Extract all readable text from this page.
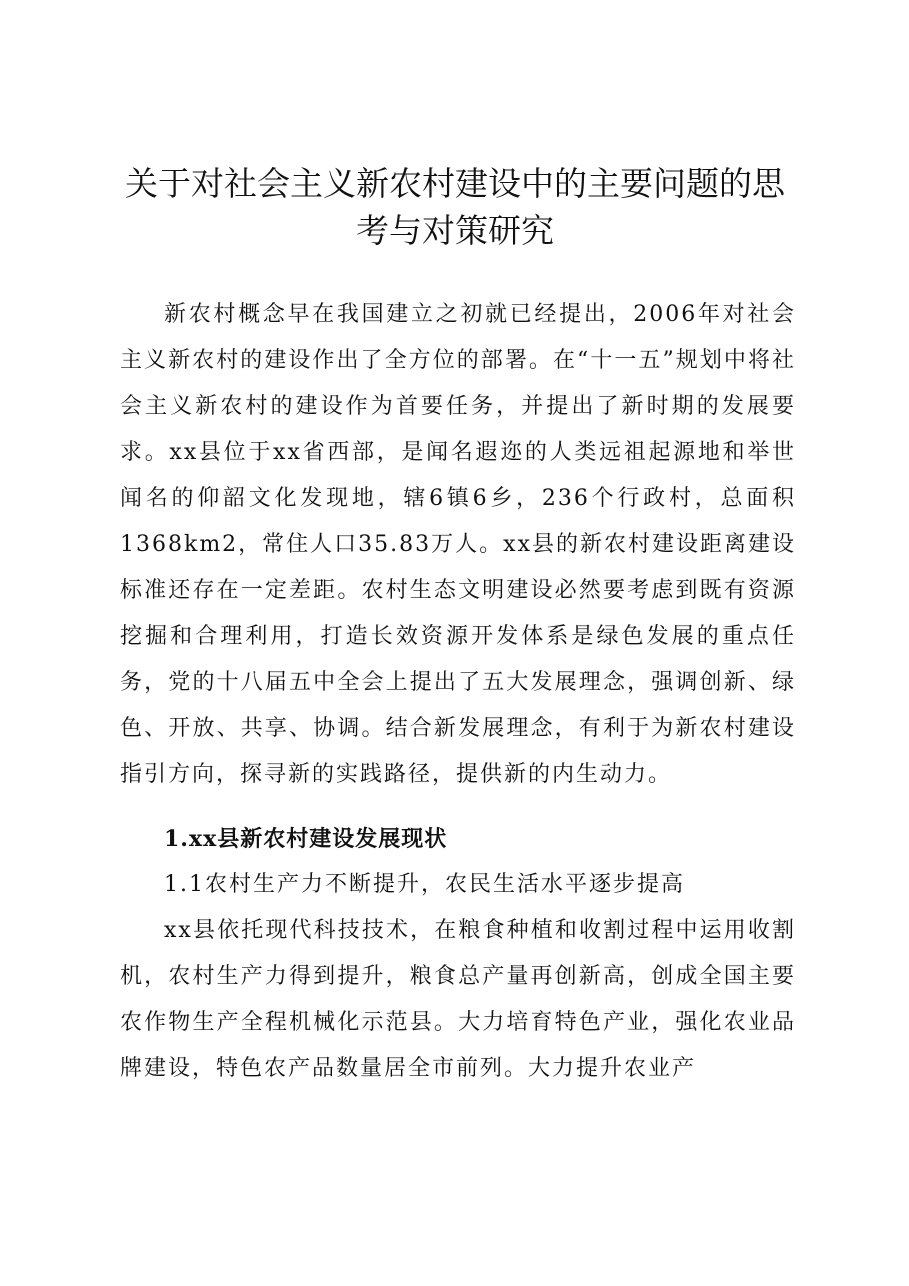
关于对社会主义新农村建设中的主要问题的思考与对策研究

新农村概念早在我国建立之初就已经提出，2006年对社会主义新农村的建设作出了全方位的部署。在“十一五”规划中将社会主义新农村的建设作为首要任务，并提出了新时期的发展要求。xx县位于xx省西部，是闻名遐迩的人类远祖起源地和举世闻名的仰韶文化发现地，辖6镇6乡，236个行政村，总面积1368km2，常住人口35.83万人。xx县的新农村建设距离建设标准还存在一定差距。农村生态文明建设必然要考虑到既有资源挖掘和合理利用，打造长效资源开发体系是绿色发展的重点任务，党的十八届五中全会上提出了五大发展理念，强调创新、绿色、开放、共享、协调。结合新发展理念，有利于为新农村建设指引方向，探寻新的实践路径，提供新的内生动力。

1.xx县新农村建设发展现状

1.1农村生产力不断提升，农民生活水平逐步提高

xx县依托现代科技技术，在粮食种植和收割过程中运用收割机，农村生产力得到提升，粮食总产量再创新高，创成全国主要农作物生产全程机械化示范县。大力培育特色产业，强化农业品牌建设，特色农产品数量居全市前列。大力提升农业产
